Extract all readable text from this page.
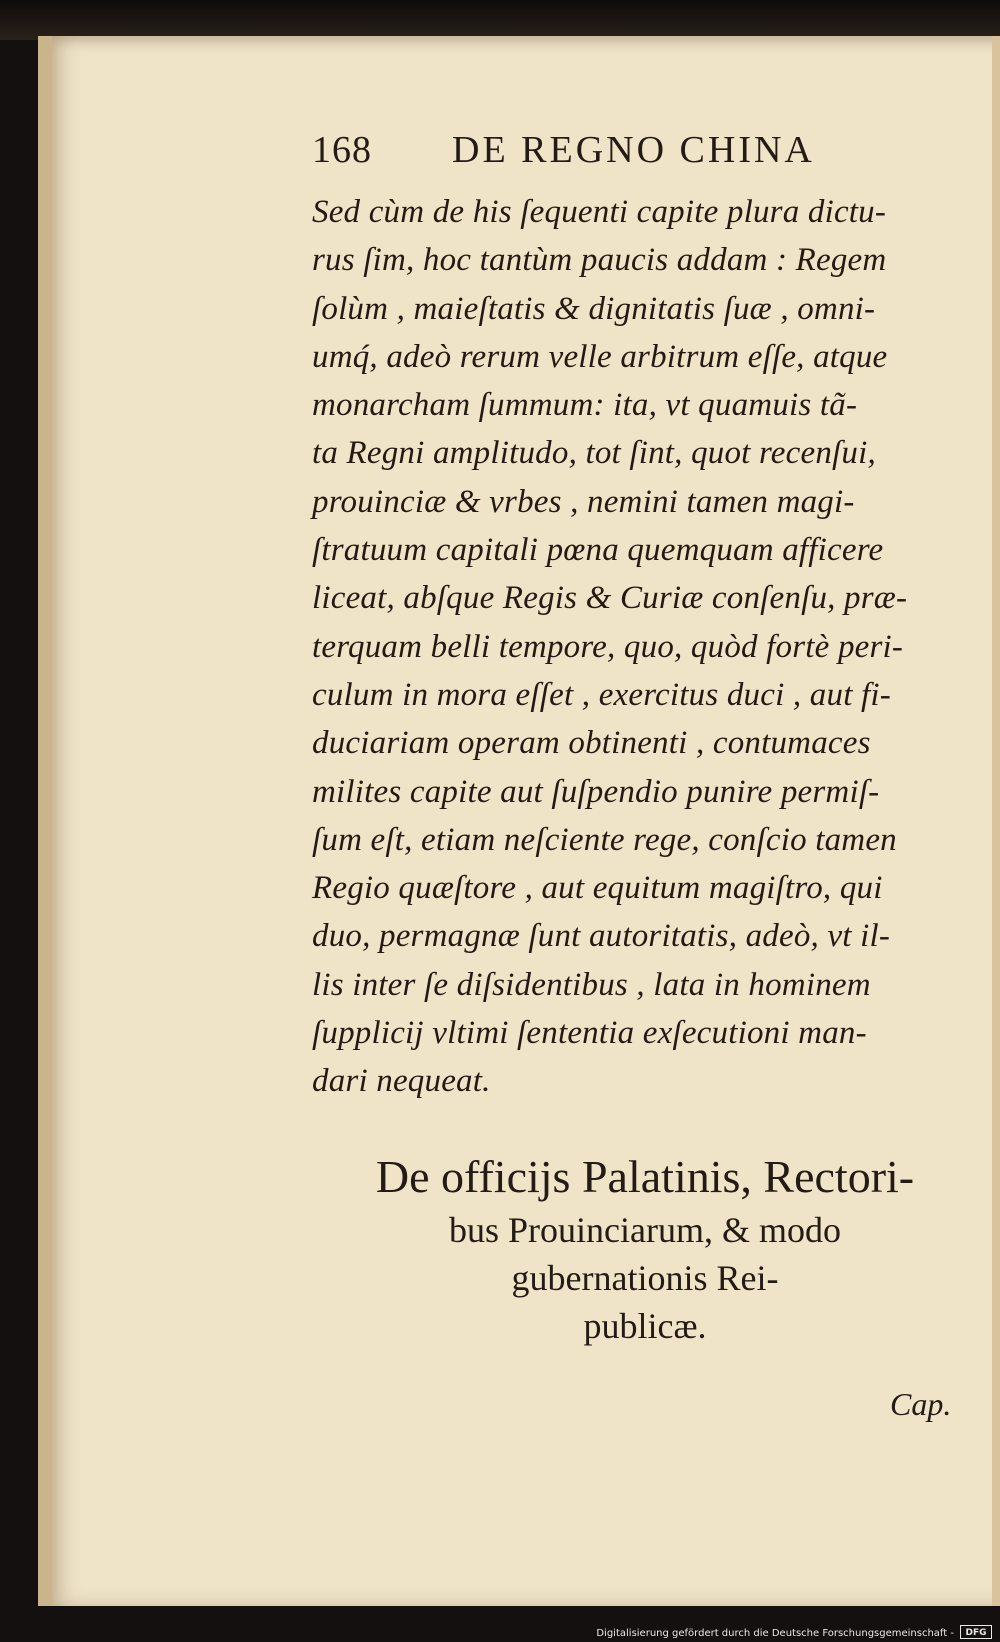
168 DE REGNO CHINA
Sed cùm de his ſequenti capite plura dictu-
rus ſim, hoc tantùm paucis addam : Regem
ſolùm , maieſtatis & dignitatis ſuæ , omni-
umq́, adeò rerum velle arbitrum eſſe, atque
monarcham ſummum: ita, vt quamuis tã-
ta Regni amplitudo, tot ſint, quot recenſui,
prouinciæ & vrbes , nemini tamen magi-
ſtratuum capitali pœna quemquam afficere
liceat, abſque Regis & Curiæ conſenſu, præ-
terquam belli tempore, quo, quòd fortè peri-
culum in mora eſſet , exercitus duci , aut fi-
duciariam operam obtinenti , contumaces
milites capite aut ſuſpendio punire permiſ-
ſum eſt, etiam neſciente rege, conſcio tamen
Regio quæſtore , aut equitum magiſtro, qui
duo, permagnæ ſunt autoritatis, adeò, vt il-
lis inter ſe diſsidentibus , lata in hominem
ſupplicij vltimi ſententia exſecutioni man-
dari nequeat.
De officijs Palatinis, Rectori-
bus Prouinciarum, & modo
gubernationis Rei-
publicæ.
Cap.
Digitalisierung gefördert durch die Deutsche Forschungsgemeinschaft -	DFG
